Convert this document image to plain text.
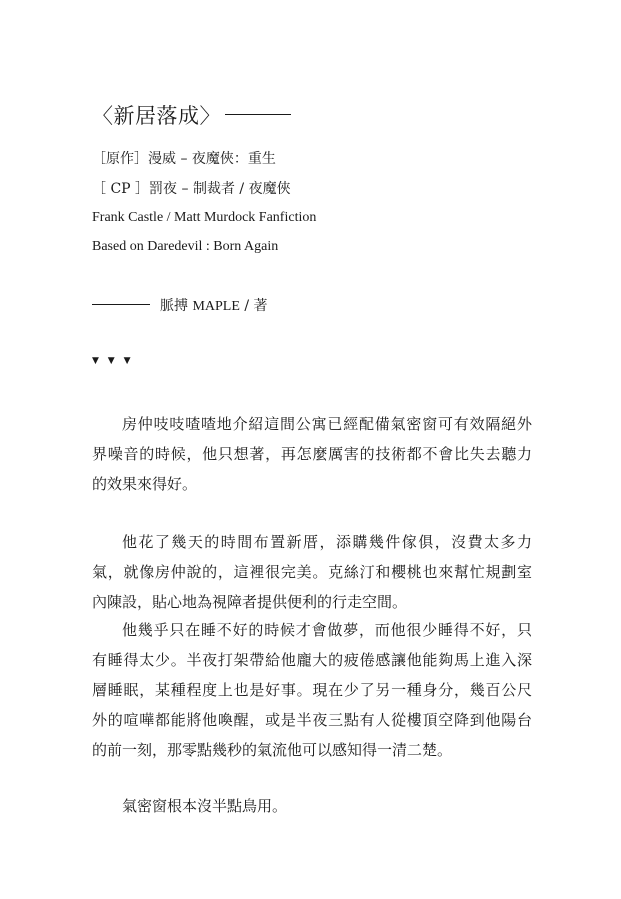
〈新居落成〉
［原作］漫威 – 夜魔俠：重生
［ CP ］罰夜 – 制裁者 / 夜魔俠
Frank Castle / Matt Murdock Fanfiction
Based on Daredevil : Born Again
脈搏 MAPLE / 著
▼ ▼ ▼
房仲吱吱喳喳地介紹這間公寓已經配備氣密窗可有效隔絕外
界噪音的時候，他只想著，再怎麼厲害的技術都不會比失去聽力
的效果來得好。
他花了幾天的時間布置新厝，添購幾件傢俱，沒費太多力
氣，就像房仲說的，這裡很完美。克絲汀和櫻桃也來幫忙規劃室
內陳設，貼心地為視障者提供便利的行走空間。
他幾乎只在睡不好的時候才會做夢，而他很少睡得不好，只
有睡得太少。半夜打架帶給他龐大的疲倦感讓他能夠馬上進入深
層睡眠，某種程度上也是好事。現在少了另一種身分，幾百公尺
外的喧嘩都能將他喚醒，或是半夜三點有人從樓頂空降到他陽台
的前一刻，那零點幾秒的氣流他可以感知得一清二楚。
氣密窗根本沒半點鳥用。
